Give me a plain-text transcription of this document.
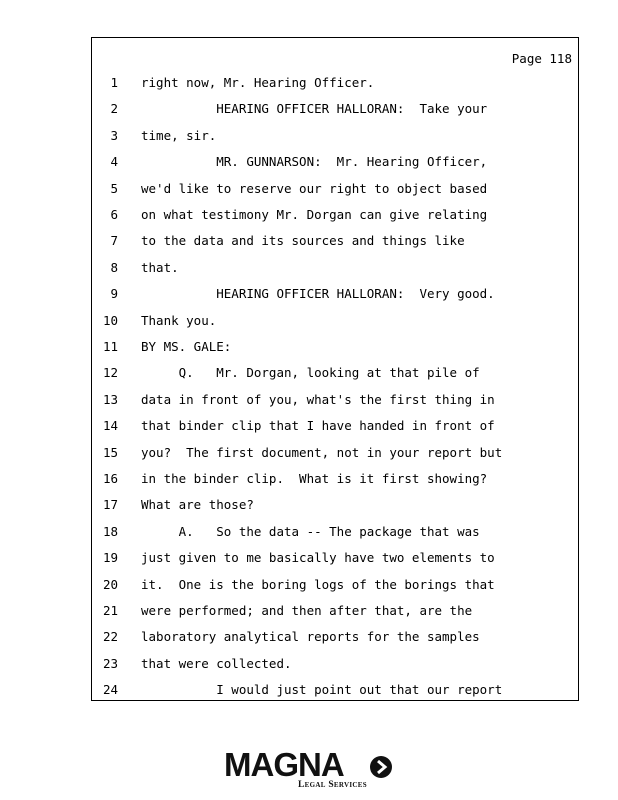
Page 118
1 right now, Mr. Hearing Officer.
2 HEARING OFFICER HALLORAN:  Take your
3 time, sir.
4 MR. GUNNARSON:  Mr. Hearing Officer,
5 we'd like to reserve our right to object based
6 on what testimony Mr. Dorgan can give relating
7 to the data and its sources and things like
8 that.
9 HEARING OFFICER HALLORAN:  Very good.
10 Thank you.
11 BY MS. GALE:
12 Q.   Mr. Dorgan, looking at that pile of
13 data in front of you, what's the first thing in
14 that binder clip that I have handed in front of
15 you?  The first document, not in your report but
16 in the binder clip.  What is it first showing?
17 What are those?
18 A.   So the data -- The package that was
19 just given to me basically have two elements to
20 it.  One is the boring logs of the borings that
21 were performed; and then after that, are the
22 laboratory analytical reports for the samples
23 that were collected.
24 I would just point out that our report
MAGNA
Legal Services
